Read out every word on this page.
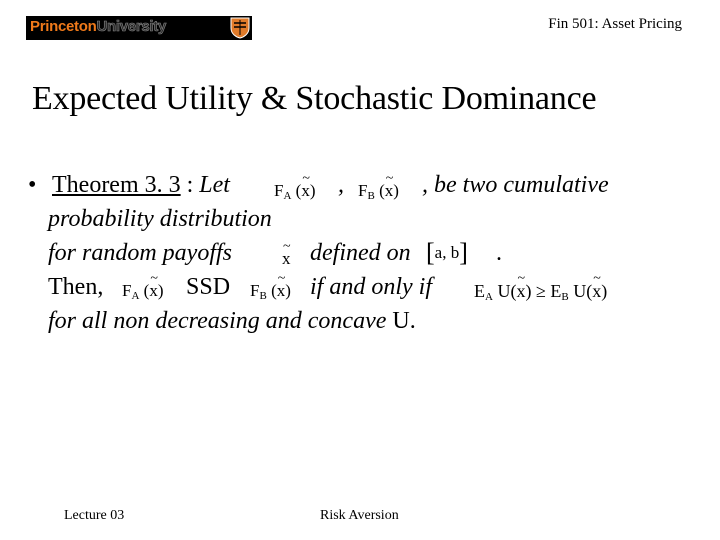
PrincetonUniversity	Fin 501: Asset Pricing
Expected Utility & Stochastic Dominance
• Theorem 3. 3 : Let	FA (~ x) , FB (~ x) , be two cumulative
probability distribution
for random payoffs
~	x defined on [a, b] .
Then, FA (~ x) SSD FB (~ x) if and only if EA U(~ x) ≥ EB U(~ x)
for all non decreasing and concave U.
Lecture 03	Risk Aversion
